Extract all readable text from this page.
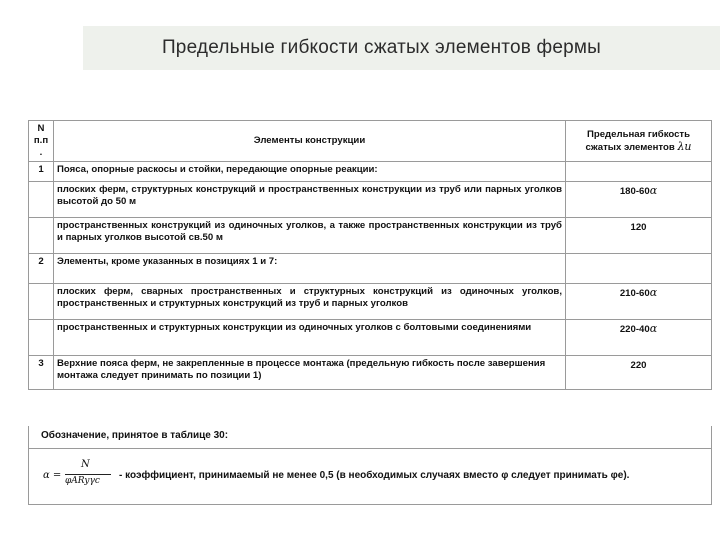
Предельные гибкости сжатых элементов фермы
N п.п .	Элементы конструкции	Предельная гибкость сжатых элементов λu
1	Пояса, опорные раскосы и стойки, передающие опорные реакции:	
	плоских ферм, структурных конструкций и пространственных конструкции из труб или парных уголков высотой до 50 м	180-60α
	пространственных конструкций из одиночных уголков, а также пространственных конструкции из труб и парных уголков высотой св.50 м	120
2	Элементы, кроме указанных в позициях 1 и 7:	
	плоских ферм, сварных пространственных и структурных конструкций из одиночных уголков, пространственных и структурных конструкций из труб и парных уголков	210-60α
	пространственных и структурных конструкции из одиночных уголков с болтовыми соединениями	220-40α
3	Верхние пояса ферм, не закрепленные в процессе монтажа (предельную гибкость после завершения монтажа следует принимать по позиции 1)	220
Обозначение, принятое в таблице 30:
α =
N
φARyγc - коэффициент, принимаемый не менее 0,5 (в необходимых случаях вместо φ следует принимать φe).
